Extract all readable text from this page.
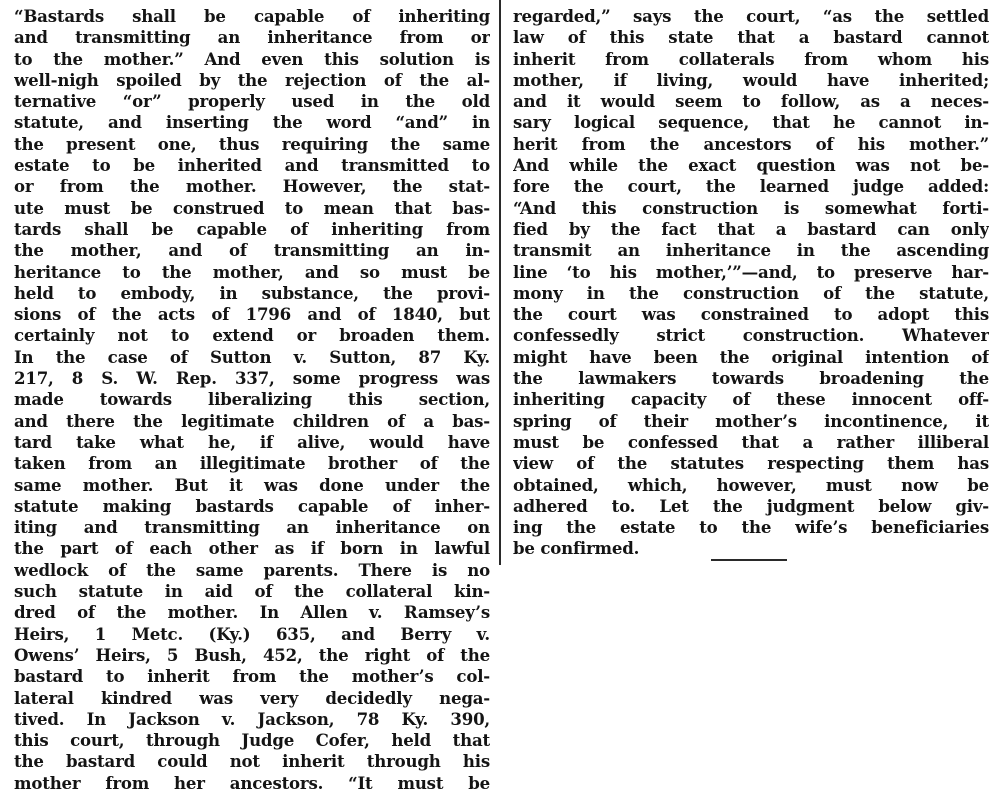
“Bastards shall be capable of inheriting
and transmitting an inheritance from or
to the mother.” And even this solution is
well-nigh spoiled by the rejection of the al-
ternative “or” properly used in the old
statute, and inserting the word “and” in
the present one, thus requiring the same
estate to be inherited and transmitted to
or from the mother. However, the stat-
ute must be construed to mean that bas-
tards shall be capable of inheriting from
the mother, and of transmitting an in-
heritance to the mother, and so must be
held to embody, in substance, the provi-
sions of the acts of 1796 and of 1840, but
certainly not to extend or broaden them.
In the case of Sutton v. Sutton, 87 Ky.
217, 8 S. W. Rep. 337, some progress was
made towards liberalizing this section,
and there the legitimate children of a bas-
tard take what he, if alive, would have
taken from an illegitimate brother of the
same mother. But it was done under the
statute making bastards capable of inher-
iting and transmitting an inheritance on
the part of each other as if born in lawful
wedlock of the same parents. There is no
such statute in aid of the collateral kin-
dred of the mother. In Allen v. Ramsey’s
Heirs, 1 Metc. (Ky.) 635, and Berry v.
Owens’ Heirs, 5 Bush, 452, the right of the
bastard to inherit from the mother’s col-
lateral kindred was very decidedly nega-
tived. In Jackson v. Jackson, 78 Ky. 390,
this court, through Judge Cofer, held that
the bastard could not inherit through his
mother from her ancestors. “It must be
regarded,” says the court, “as the settled
law of this state that a bastard cannot
inherit from collaterals from whom his
mother, if living, would have inherited;
and it would seem to follow, as a neces-
sary logical sequence, that he cannot in-
herit from the ancestors of his mother.”
And while the exact question was not be-
fore the court, the learned judge added:
“And this construction is somewhat forti-
fied by the fact that a bastard can only
transmit an inheritance in the ascending
line ‘to his mother,’”—and, to preserve har-
mony in the construction of the statute,
the court was constrained to adopt this
confessedly strict construction. Whatever
might have been the original intention of
the lawmakers towards broadening the
inheriting capacity of these innocent off-
spring of their mother’s incontinence, it
must be confessed that a rather illiberal
view of the statutes respecting them has
obtained, which, however, must now be
adhered to. Let the judgment below giv-
ing the estate to the wife’s beneficiaries
be confirmed.
